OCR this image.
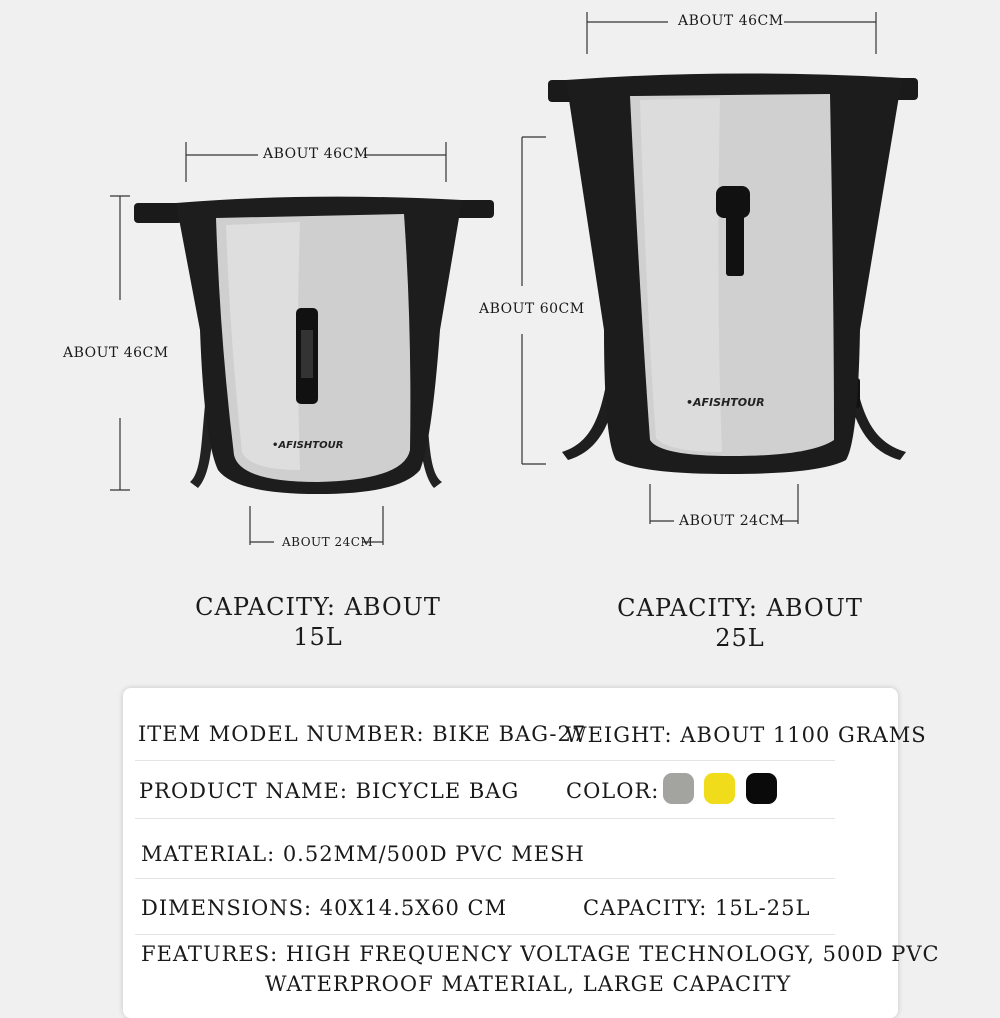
•AFISHTOUR
•AFISHTOUR
ABOUT 46CM
ABOUT 46CM
ABOUT 24CM
ABOUT 46CM
ABOUT 60CM
ABOUT 24CM
CAPACITY: ABOUT
15L
CAPACITY: ABOUT
25L
ITEM MODEL NUMBER: BIKE BAG-27
WEIGHT: ABOUT 1100 GRAMS
PRODUCT NAME: BICYCLE BAG COLOR:
MATERIAL: 0.52MM/500D PVC MESH
DIMENSIONS: 40X14.5X60 CM	CAPACITY: 15L-25L
FEATURES: HIGH FREQUENCY VOLTAGE TECHNOLOGY, 500D PVC
WATERPROOF MATERIAL, LARGE CAPACITY
